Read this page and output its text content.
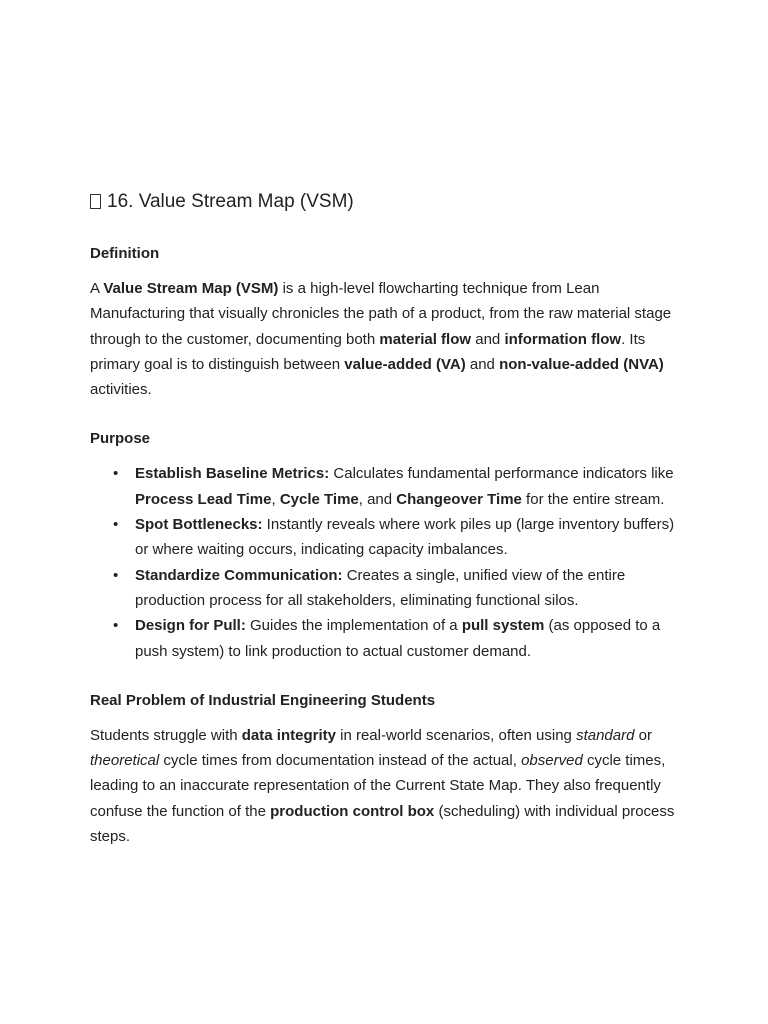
16. Value Stream Map (VSM)
Definition

A Value Stream Map (VSM) is a high-level flowcharting technique from Lean Manufacturing that visually chronicles the path of a product, from the raw material stage through to the customer, documenting both material flow and information flow. Its primary goal is to distinguish between value-added (VA) and non-value-added (NVA) activities.

Purpose
• Establish Baseline Metrics: Calculates fundamental performance indicators like Process Lead Time, Cycle Time, and Changeover Time for the entire stream.
• Spot Bottlenecks: Instantly reveals where work piles up (large inventory buffers) or where waiting occurs, indicating capacity imbalances.
• Standardize Communication: Creates a single, unified view of the entire production process for all stakeholders, eliminating functional silos.
• Design for Pull: Guides the implementation of a pull system (as opposed to a push system) to link production to actual customer demand.
Real Problem of Industrial Engineering Students

Students struggle with data integrity in real-world scenarios, often using standard or theoretical cycle times from documentation instead of the actual, observed cycle times, leading to an inaccurate representation of the Current State Map. They also frequently confuse the function of the production control box (scheduling) with individual process steps.
